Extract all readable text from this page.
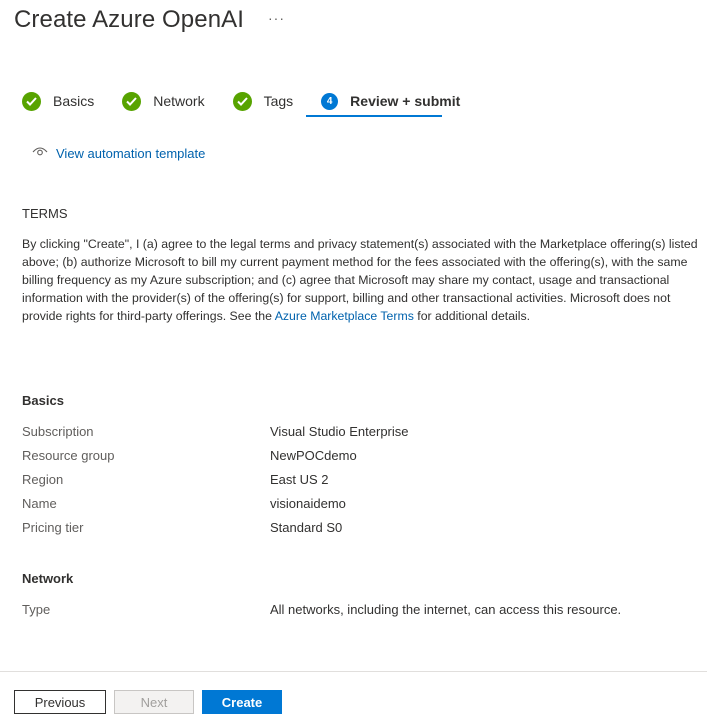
Create Azure OpenAI ···
Basics	Network	Tags	4	Review + submit
View automation template
TERMS
By clicking "Create", I (a) agree to the legal terms and privacy statement(s) associated with the Marketplace offering(s) listed above; (b) authorize Microsoft to bill my current payment method for the fees associated with the offering(s), with the same billing frequency as my Azure subscription; and (c) agree that Microsoft may share my contact, usage and transactional information with the provider(s) of the offering(s) for support, billing and other transactional activities. Microsoft does not provide rights for third-party offerings. See the Azure Marketplace Terms for additional details.
Basics
Subscription	Visual Studio Enterprise
Resource group	NewPOCdemo
Region	East US 2
Name	visionaidemo
Pricing tier	Standard S0
Network
Type	All networks, including the internet, can access this resource.
Previous	Next	Create
